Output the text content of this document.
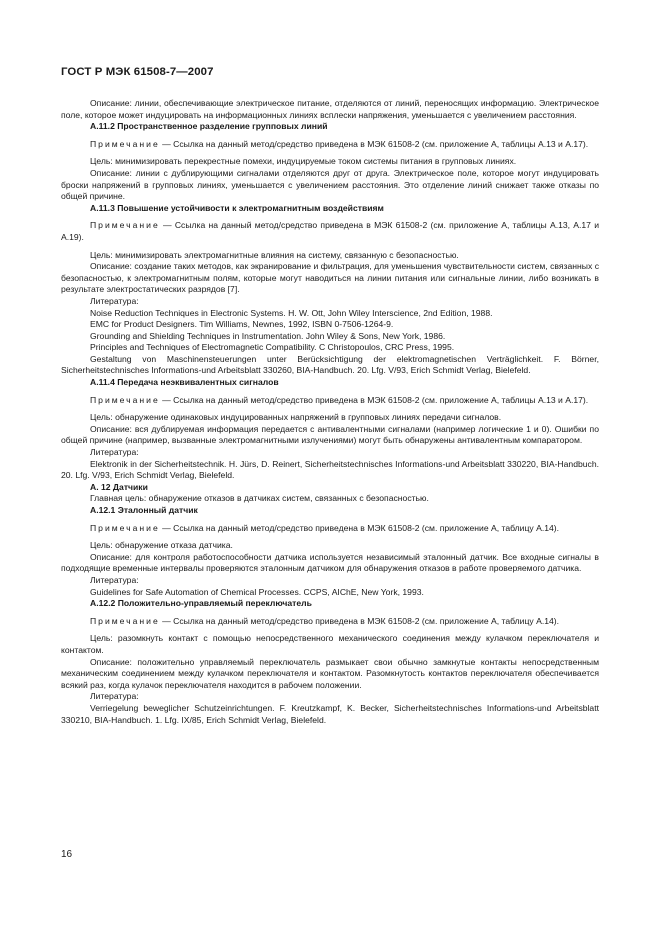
ГОСТ Р МЭК 61508-7—2007

Описание: линии, обеспечивающие электрическое питание, отделяются от линий, переносящих информацию. Электрическое поле, которое может индуцировать на информационных линиях всплески напряжения, уменьшается с увеличением расстояния.

А.11.2 Пространственное разделение групповых линий

Примечание — Ссылка на данный метод/средство приведена в МЭК 61508-2 (см. приложение А, таблицы А.13 и А.17).

Цель: минимизировать перекрестные помехи, индуцируемые током системы питания в групповых линиях.

Описание: линии с дублирующими сигналами отделяются друг от друга. Электрическое поле, которое могут индуцировать броски напряжений в групповых линиях, уменьшается с увеличением расстояния. Это отделение линий снижает также отказы по общей причине.

А.11.3 Повышение устойчивости к электромагнитным воздействиям

Примечание — Ссылка на данный метод/средство приведена в МЭК 61508-2 (см. приложение А, таблицы А.13, А.17 и А.19).

Цель: минимизировать электромагнитные влияния на систему, связанную с безопасностью.

Описание: создание таких методов, как экранирование и фильтрация, для уменьшения чувствительности систем, связанных с безопасностью, к электромагнитным полям, которые могут наводиться на линии питания или сигнальные линии, либо возникать в результате электростатических разрядов [7].

Литература:

Noise Reduction Techniques in Electronic Systems. H. W. Ott, John Wiley Interscience, 2nd Edition, 1988.

EMC for Product Designers. Tim Williams, Newnes, 1992, ISBN 0-7506-1264-9.

Grounding and Shielding Techniques in Instrumentation. John Wiley & Sons, New York, 1986.

Principles and Techniques of Electromagnetic Compatibility. C Christopoulos, CRC Press, 1995.

Gestaltung von Maschinensteuerungen unter Berücksichtigung der elektromagnetischen Verträglichkeit. F. Börner, Sicherheitstechnisches Informations-und Arbeitsblatt 330260, BIA-Handbuch. 20. Lfg. V/93, Erich Schmidt Verlag, Bielefeld.

А.11.4 Передача неэквивалентных сигналов

Примечание — Ссылка на данный метод/средство приведена в МЭК 61508-2 (см. приложение А, таблицы А.13 и А.17).

Цель: обнаружение одинаковых индуцированных напряжений в групповых линиях передачи сигналов.

Описание: вся дублируемая информация передается с антивалентными сигналами (например логические 1 и 0). Ошибки по общей причине (например, вызванные электромагнитными излучениями) могут быть обнаружены антивалентным компаратором.

Литература:

Elektronik in der Sicherheitstechnik. H. Jürs, D. Reinert, Sicherheitstechnisches Informations-und Arbeitsblatt 330220, BIA-Handbuch. 20. Lfg. V/93, Erich Schmidt Verlag, Bielefeld.

А. 12 Датчики

Главная цель: обнаружение отказов в датчиках систем, связанных с безопасностью.

А.12.1 Эталонный датчик

Примечание — Ссылка на данный метод/средство приведена в МЭК 61508-2 (см. приложение А, таблицу А.14).

Цель: обнаружение отказа датчика.

Описание: для контроля работоспособности датчика используется независимый эталонный датчик. Все входные сигналы в подходящие временные интервалы проверяются эталонным датчиком для обнаружения отказов в работе проверяемого датчика.

Литература:

Guidelines for Safe Automation of Chemical Processes. CCPS, AIChE, New York, 1993.

А.12.2 Положительно-управляемый переключатель

Примечание — Ссылка на данный метод/средство приведена в МЭК 61508-2 (см. приложение А, таблицу А.14).

Цель: разомкнуть контакт с помощью непосредственного механического соединения между кулачком переключателя и контактом.

Описание: положительно управляемый переключатель размыкает свои обычно замкнутые контакты непосредственным механическим соединением между кулачком переключателя и контактом. Разомкнутость контактов переключателя обеспечивается всякий раз, когда кулачок переключателя находится в рабочем положении.

Литература:

Verriegelung beweglicher Schutzeinrichtungen. F. Kreutzkampf, K. Becker, Sicherheitstechnisches Informations-und Arbeitsblatt 330210, BIA-Handbuch. 1. Lfg. IX/85, Erich Schmidt Verlag, Bielefeld.

16
